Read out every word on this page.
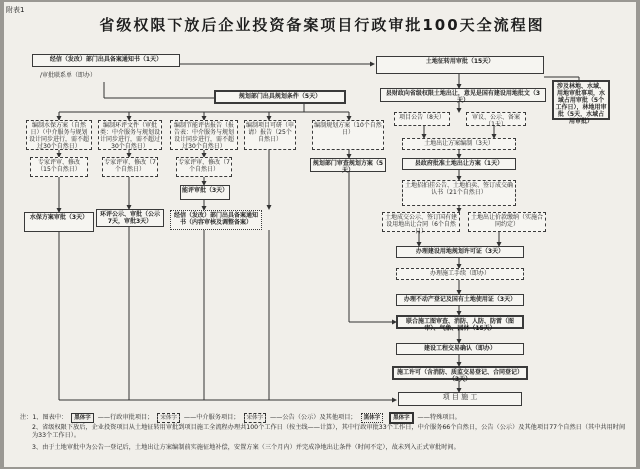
附表1
省级权限下放后企业投资备案项目行政审批100天全流程图
经信（发改）部门出具备案通知书（1天）
/审批联系单（即办）
规划部门出具规划条件（5天）
编制水保方案（自然日）（中介服务与规划设计同步进行，需不超过30个自然日）
专家评审、修改（15个自然日）
水保方案审批（3天）
编制环评文件（审批类：中介服务与规划设计同步进行，需不超过30个自然日）
专家评审、修改（7个自然日）
环评公示、审批（公示7天，审批3天）
编制节能评估报告（报告表：中介服务与规划设计同步进行，需不超过30个自然日）
专家评审、修改（7个自然日）
能评审批（3天）
经信（发改）部门出具备案通知书（内容审核及调整备案）
编制项目可研（申请）报告（25个自然日）
编制规划方案（10个自然日）
规划部门审查规划方案（5天）
土地征转用审批（15天）
县财政向省级权限土地出让，意见是国有建设用地批文（3天）
项目公告（8天）	审议、公示、备案（1天）
涉及林地、水域、用地审批事项，水域占用审批（5个工作日），林地用审批（5天，水域占用审批）
土地出让方案编制（3天）
县政府批准土地出让方案（1天）
土地招拍挂公告、土地拍卖、签订成交确认书（21个自然日）
土地成交公示、签订国有建设用地出让合同（6个自然日）
土地出让价款缴纳（实施合同约定）
办理建设用地规划许可证（3天）
办理施工手续（即办）
办理不动产登记及国有土地使用证（3天）
联合施工图审查、消防、人防、防雷（图审）、气象、园林（15天）
建设工程交易确认（即办）
施工许可（含消防、质监交易登记、合同登记）（3天）
项 目 施 工
注：1、图表中： 黑体字 ——行政审批项目； 宋体字 ——中介服务项目； 宋体字 ——公告（公示）及其他项目； 黑体字 黑体字 ——特殊项目。
2、省级权限下放后，企业投资项目从土地征转用审批到项目施工全流程办理共100个工作日（按主线——计算），其中行政审批33个工作日，中介服务66个自然日，公告（公示）及其他项目77个自然日（其中共用时间为33个工作日）。
3、由于土地审批中为公告一登记后，土地出让方案编制前实施征地补偿，安置方案（三个月内）并完成净地出让条件（时间不定），故未列入正式审批时间。
